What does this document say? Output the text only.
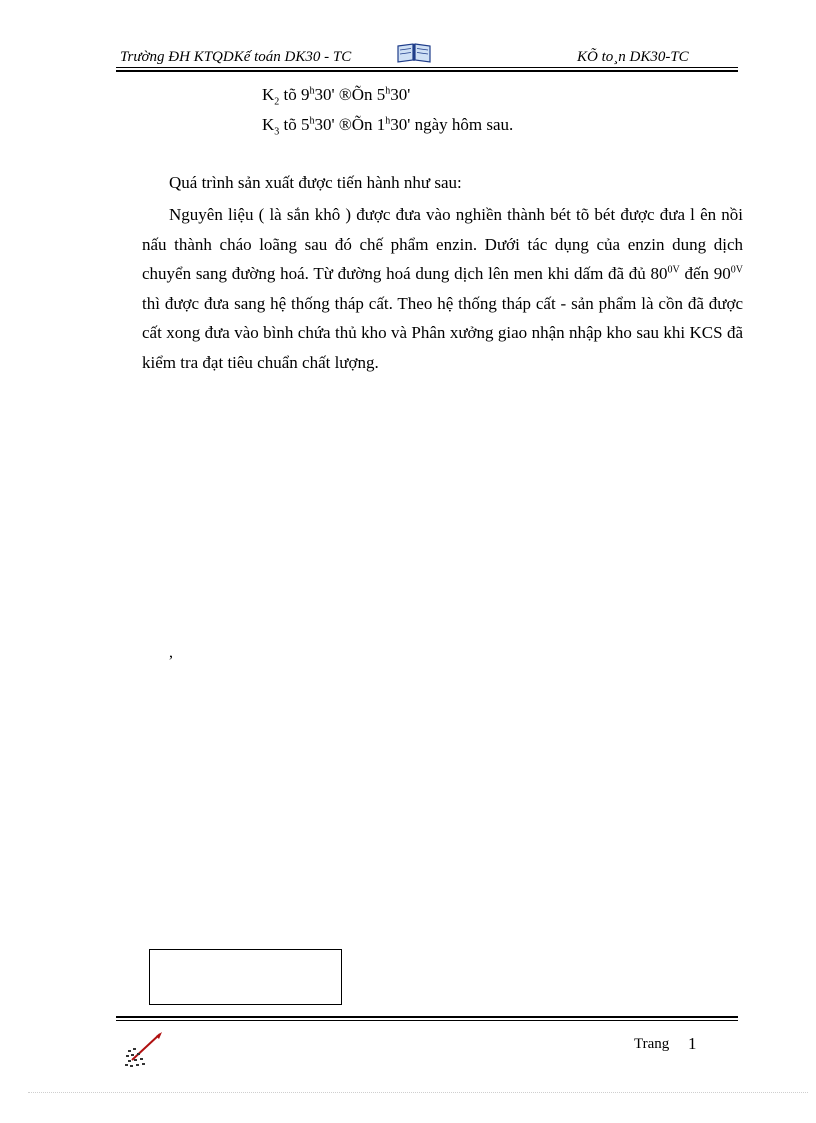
Trường ĐH KTQDKế toán DK30 - TC	KÕ to¸n DK30-TC
$K_2$ tõ 9$^h$30' ®Õn 5$^h$30'
$K_3$ tõ 5$^h$30' ®Õn 1$^h$30' ngày hôm sau.
Quá trình sản xuất được tiến hành như sau:
Nguyên liệu ( là sắn khô ) được đưa vào nghiền thành bét tõ bét được đưa l ên nồi nấu thành cháo loãng sau đó chế phẩm enzin. Dưới tác dụng của enzin dung dịch chuyển sang đường hoá. Từ đường hoá dung dịch lên men khi dấm đã đủ $80^{0V}$ đến $90^{0V}$ thì được đưa sang hệ thống tháp cất. Theo hệ thống tháp cất - sản phẩm là cồn đã được cất xong đưa vào bình chứa thủ kho và Phân xưởng giao nhận nhập kho sau khi KCS đã kiểm tra đạt tiêu chuẩn chất lượng.
,
Trang 1
